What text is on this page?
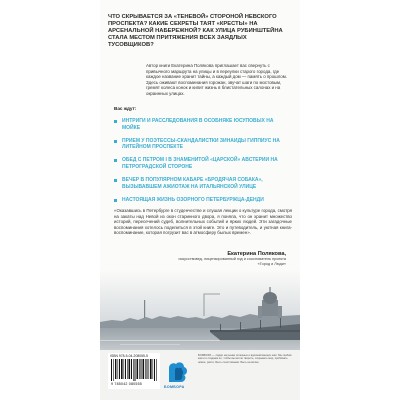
ЧТО СКРЫВАЕТСЯ ЗА «ТЕНЕВОЙ» СТОРОНОЙ НЕВСКОГО ПРОСПЕКТА? КАКИЕ СЕКРЕТЫ ТАЯТ «КРЕСТЫ» НА АРСЕНАЛЬНОЙ НАБЕРЕЖНОЙ? КАК УЛИЦА РУБИНШТЕЙНА СТАЛА МЕСТОМ ПРИТЯЖЕНИЯ ВСЕХ ЗАЯДЛЫХ ТУСОВЩИКОВ?

Автор книги Екатерина Полякова приглашает вас свернуть с привычного маршрута на улицы и в переулки старого города, где каждое название хранит тайны, а каждый дом — память о прошлом. Здесь оживают воспоминания горожан, звучат шаги по мостовым, гремят колеса конок и кипит жизнь в блистательных салонах и на окраинных улицах.

Вас ждут:
ИНТРИГИ И РАССЛЕДОВАНИЯ В ОСОБНЯКЕ ЮСУПОВЫХ НА МОЙКЕ
ПРИЕМ У ПОЭТЕССЫ-СКАНДАЛИСТКИ ЗИНАИДЫ ГИППИУС НА ЛИТЕЙНОМ ПРОСПЕКТЕ
ОБЕД С ПЕТРОМ I В ЗНАМЕНИТОЙ «ЦАРСКОЙ» АВСТЕРИИ НА ПЕТРОГРАДСКОЙ СТОРОНЕ
ВЕЧЕР В ПОПУЛЯРНОМ КАБАРЕ «БРОДЯЧАЯ СОБАКА», ВЫЗЫВАВШЕМ АЖИОТАЖ НА ИТАЛЬЯНСКОЙ УЛИЦЕ
НАСТОЯЩАЯ ЖИЗНЬ ОЗОРНОГО ПЕТЕРБУРЖЦА-ДЕНДИ

«Оказавшись в Петербурге в студенчестве и слушая лекции о культуре города, смотря на закаты над Невой из окон старинного двора, я поняла, что он хранит множество историй, пересечений судеб, волнительных событий и ярких людей. Эти загадочные воспоминания хотелось поделиться в этой книге. Это и путеводитель, и уютная книга-воспоминание, которая погрузит вас в атмосферу былых времен».

Екатерина Полякова,
искусствовед, лицензированный гид и сооснователь проекта «Город и Люди»
ISBN 978-5-04-208055-5
9 785042 080555
БОМБОРА

БОМБОРА — лидер на рынке полезных и вдохновляющих книг. Мы любим книги и создаем их, чтобы вы могли творить, открывать мир, пробовать новое, расти. Быть счастливыми. Быть на волне.
